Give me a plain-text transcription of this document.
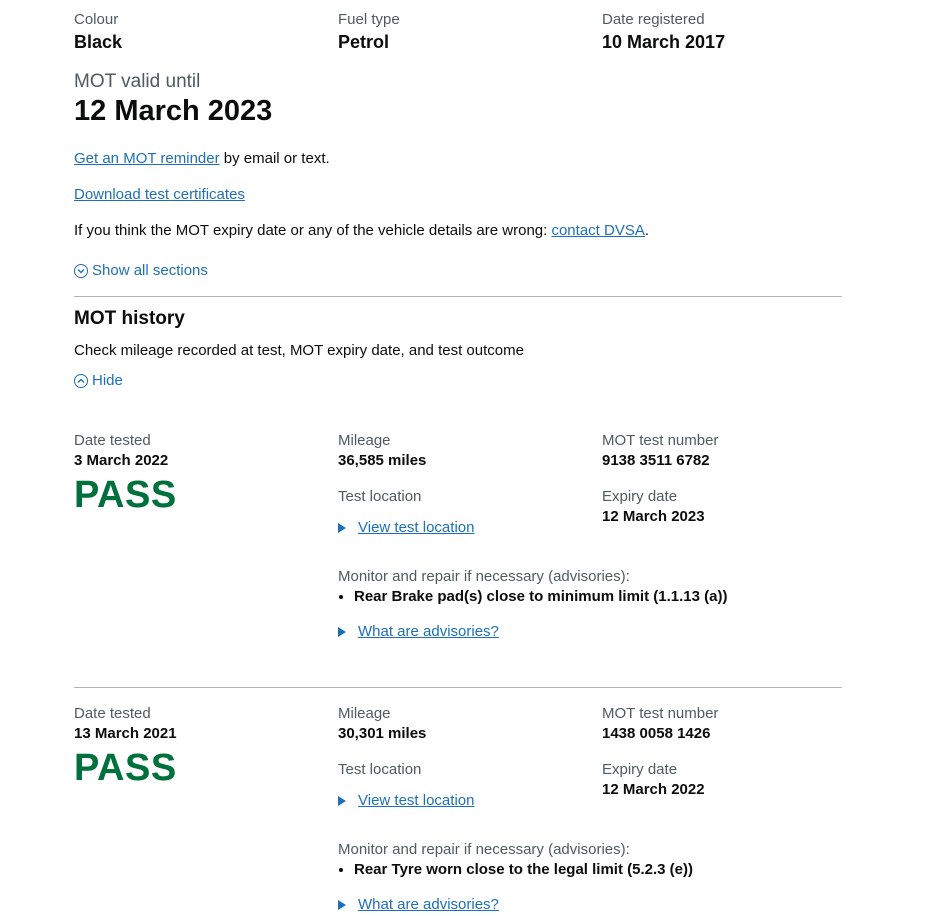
Colour
Black
Fuel type
Petrol
Date registered
10 March 2017
MOT valid until
12 March 2023
Get an MOT reminder by email or text.
Download test certificates
If you think the MOT expiry date or any of the vehicle details are wrong: contact DVSA.
Show all sections
MOT history
Check mileage recorded at test, MOT expiry date, and test outcome
Hide
Date tested
3 March 2022
PASS
Mileage
36,585 miles
Test location
View test location
MOT test number
9138 3511 6782
Expiry date
12 March 2023
Monitor and repair if necessary (advisories):
• Rear Brake pad(s) close to minimum limit (1.1.13 (a))
What are advisories?
Date tested
13 March 2021
PASS
Mileage
30,301 miles
Test location
View test location
MOT test number
1438 0058 1426
Expiry date
12 March 2022
Monitor and repair if necessary (advisories):
• Rear Tyre worn close to the legal limit (5.2.3 (e))
What are advisories?
